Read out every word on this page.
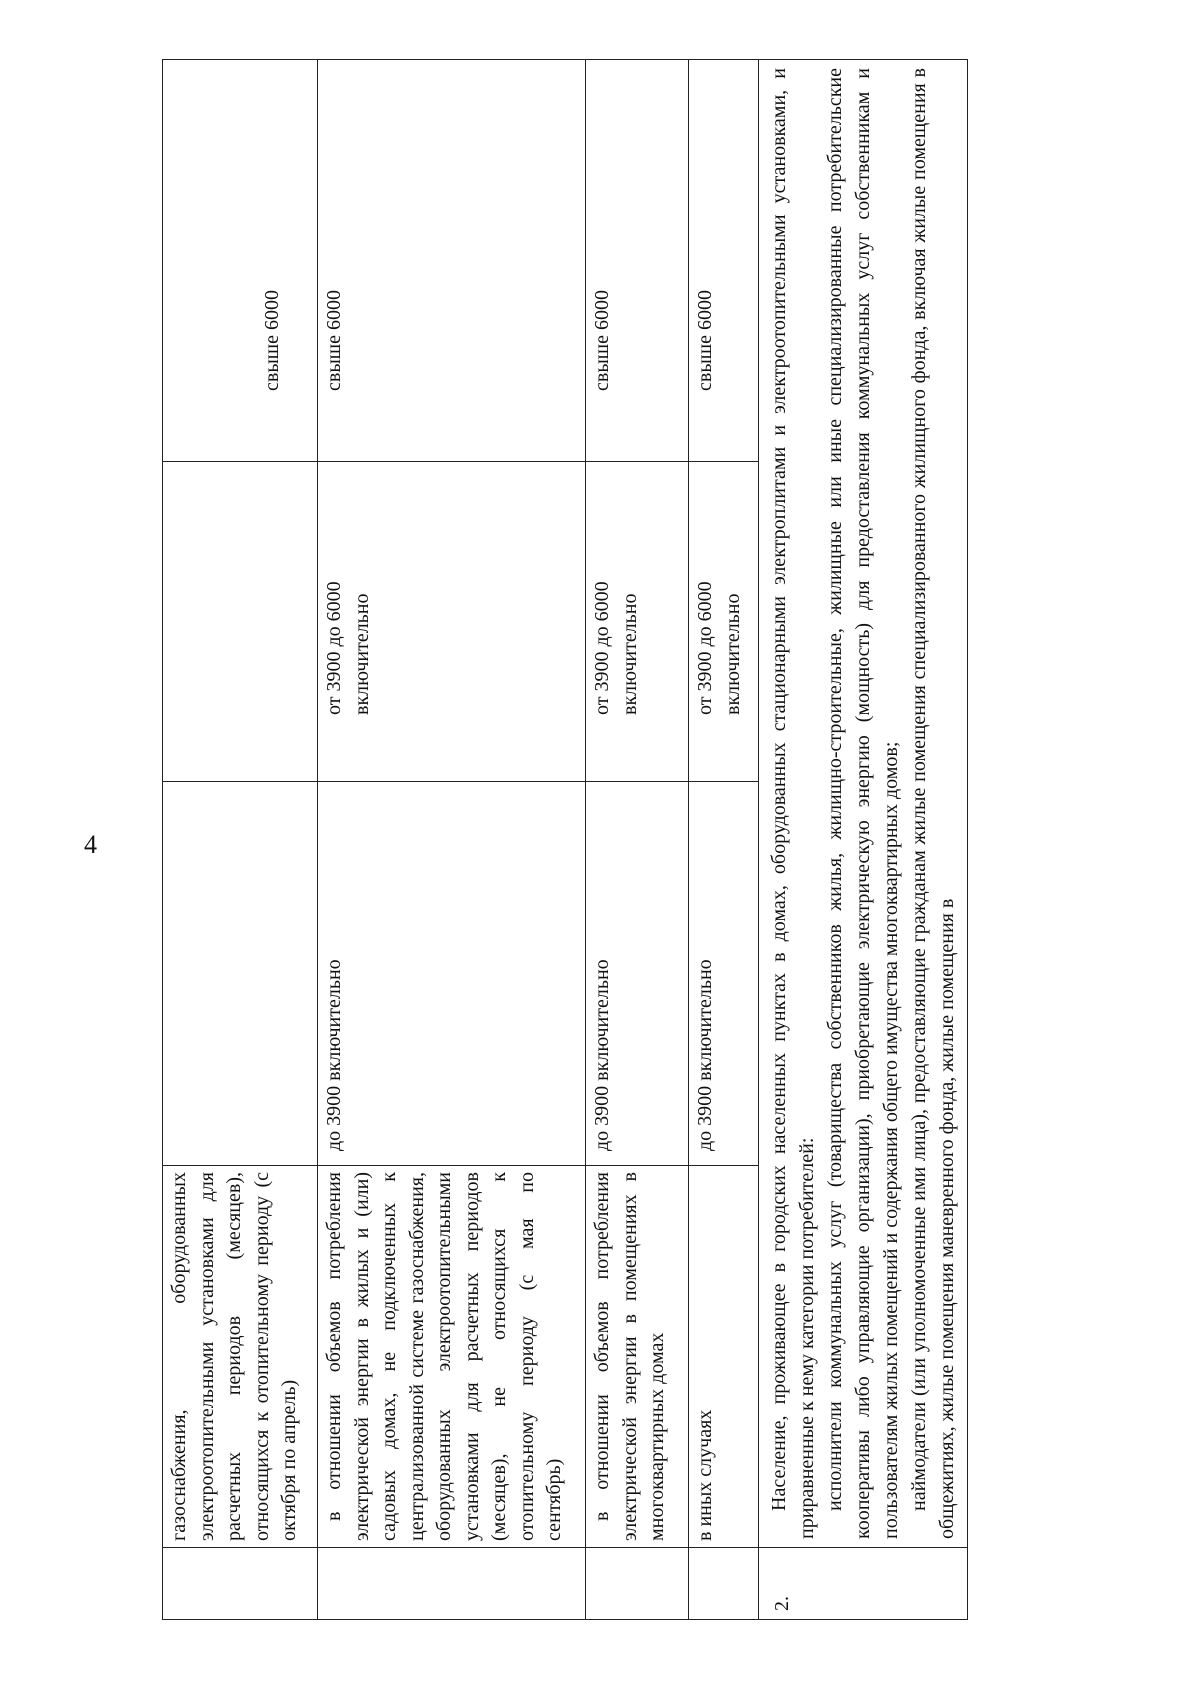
4
	газоснабжения, оборудованных электроотопительными установками для расчетных периодов (месяцев), относящихся к отопительному периоду (с октября по апрель)			свыше 6000
	в отношении объемов потребления электрической энергии в жилых и (или) садовых домах, не подключенных к централизованной системе газоснабжения, оборудованных электроотопительными установками для расчетных периодов (месяцев), не относящихся к отопительному периоду (с мая по сентябрь)	до 3900 включительно	от 3900 до 6000 включительно	свыше 6000
	в отношении объемов потребления электрической энергии в помещениях в многоквартирных домах	до 3900 включительно	от 3900 до 6000 включительно	свыше 6000
	в иных случаях	до 3900 включительно	от 3900 до 6000 включительно	свыше 6000
2.	Население, проживающее в городских населенных пунктах в домах, оборудованных стационарными электроплитами и электроотопительными установками, и приравненные к нему категории потребителей: исполнители коммунальных услуг (товарищества собственников жилья, жилищно-строительные, жилищные или иные специализированные потребительские кооперативы либо управляющие организации), приобретающие электрическую энергию (мощность) для предоставления коммунальных услуг собственникам и пользователям жилых помещений и содержания общего имущества многоквартирных домов; наймодатели (или уполномоченные ими лица), предоставляющие гражданам жилые помещения специализированного жилищного фонда, включая жилые помещения в общежитиях, жилые помещения маневренного фонда, жилые помещения в			
